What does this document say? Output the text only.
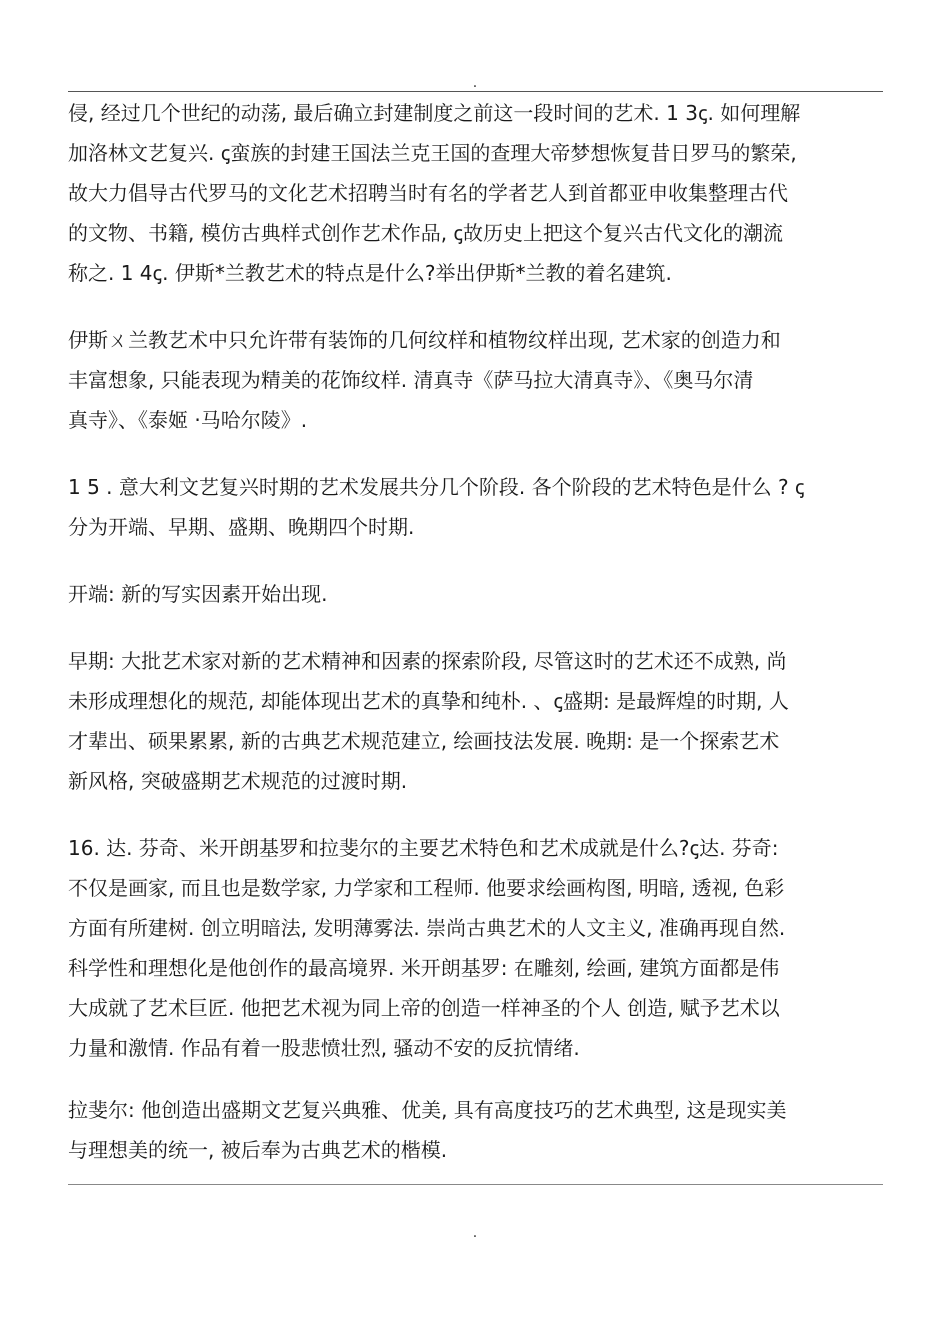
.
侵, 经过几个世纪的动荡, 最后确立封建制度之前这一段时间的艺术. 1 3ꞔ. 如何理解
加洛林文艺复兴. ꞔ蛮族的封建王国法兰克王国的查理大帝梦想恢复昔日罗马的繁荣,
故大力倡导古代罗马的文化艺术招聘当时有名的学者艺人到首都亚申收集整理古代
的文物、书籍, 模仿古典样式创作艺术作品, ꞔ故历史上把这个复兴古代文化的潮流
称之. 1 4ꞔ. 伊斯*兰教艺术的特点是什么?举出伊斯*兰教的着名建筑.
伊斯ㄨ兰教艺术中只允许带有装饰的几何纹样和植物纹样出现, 艺术家的创造力和
丰富想象, 只能表现为精美的花饰纹样. 清真寺《萨马拉大清真寺》、《奥马尔清
真寺》、《泰姬 ·马哈尔陵》.
1 5 . 意大利文艺复兴时期的艺术发展共分几个阶段. 各个阶段的艺术特色是什么 ? ꞔ
分为开端、早期、盛期、晚期四个时期.
开端: 新的写实因素开始出现.
早期: 大批艺术家对新的艺术精神和因素的探索阶段, 尽管这时的艺术还不成熟, 尚
未形成理想化的规范, 却能体现出艺术的真挚和纯朴. 、ꞔ盛期: 是最辉煌的时期, 人
才辈出、硕果累累, 新的古典艺术规范建立, 绘画技法发展. 晚期: 是一个探索艺术
新风格, 突破盛期艺术规范的过渡时期.
16. 达. 芬奇、米开朗基罗和拉斐尔的主要艺术特色和艺术成就是什么?ꞔ达. 芬奇:
不仅是画家, 而且也是数学家, 力学家和工程师. 他要求绘画构图, 明暗, 透视, 色彩
方面有所建树. 创立明暗法, 发明薄雾法. 崇尚古典艺术的人文主义, 准确再现自然.
科学性和理想化是他创作的最高境界. 米开朗基罗: 在雕刻, 绘画, 建筑方面都是伟
大成就了艺术巨匠. 他把艺术视为同上帝的创造一样神圣的个人 创造, 赋予艺术以
力量和激情. 作品有着一股悲愤壮烈, 骚动不安的反抗情绪.
拉斐尔: 他创造出盛期文艺复兴典雅、优美, 具有高度技巧的艺术典型, 这是现实美
与理想美的统一, 被后奉为古典艺术的楷模.
.
